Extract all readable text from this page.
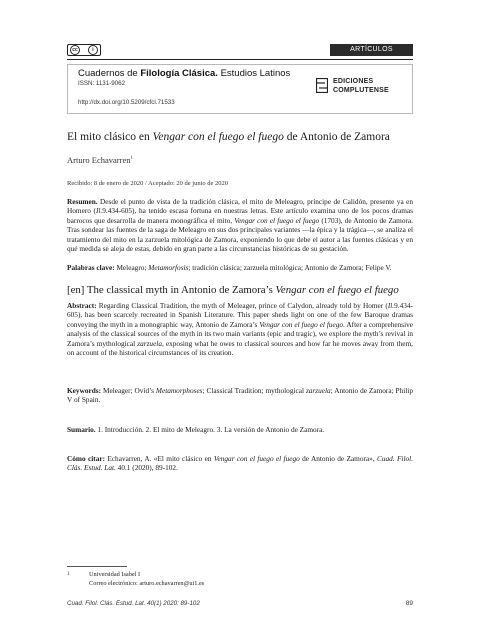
cc	i	ARTÍCULOS
Cuadernos de Filología Clásica. Estudios Latinos
ISSN: 1131-9062
http://dx.doi.org/10.5209/cfcl.71533
EDICIONES
COMPLUTENSE
El mito clásico en Vengar con el fuego el fuego de Antonio de Zamora
Arturo Echavarren$^1$
Recibido: 8 de enero de 2020 / Aceptado: 20 de junio de 2020
Resumen. Desde el punto de vista de la tradición clásica, el mito de Meleagro, príncipe de Calidón, presente ya en Homero (Il.9.434-605), ha tenido escasa fortuna en nuestras letras. Este artículo examina uno de los pocos dramas barrocos que desarrolla de manera monográfica el mito, Vengar con el fuego el fuego (1703), de Antonio de Zamora. Tras sondear las fuentes de la saga de Meleagro en sus dos principales variantes —la épica y la trágica—, se analiza el tratamiento del mito en la zarzuela mitológica de Zamora, exponiendo lo que debe el autor a las fuentes clásicas y en qué medida se aleja de estas, debido en gran parte a las circunstancias históricas de su gestación.
Palabras clave: Meleagro; Metamorfosis; tradición clásica; zarzuela mitológica; Antonio de Zamora; Felipe V.
[en] The classical myth in Antonio de Zamora’s Vengar con el fuego el fuego
Abstract: Regarding Classical Tradition, the myth of Meleager, prince of Calydon, already told by Homer (Il.9.434-605), has been scarcely recreated in Spanish Literature. This paper sheds light on one of the few Baroque dramas conveying the myth in a monographic way, Antonio de Zamora’s Vengar con el fuego el fuego. After a comprehensive analysis of the classical sources of the myth in its two main variants (epic and tragic), we explore the myth’s revival in Zamora’s mythological zarzuela, exposing what he owes to classical sources and how far he moves away from them, on account of the historical circumstances of its creation.
Keywords: Meleager; Ovid’s Metamorphoses; Classical Tradition; mythological zarzuela; Antonio de Zamora; Philip V of Spain.
Sumario. 1. Introducción. 2. El mito de Meleagro. 3. La versión de Antonio de Zamora.
Cómo citar: Echavarren, A. «El mito clásico en Vengar con el fuego el fuego de Antonio de Zamora», Cuad. Filol. Clás. Estud. Lat. 40.1 (2020), 89-102.
1	Universidad Isabel I
Correo electrónico: arturo.echavarren@ui1.es
Cuad. Filol. Clás. Estud. Lat. 40(1) 2020: 89-102	89
